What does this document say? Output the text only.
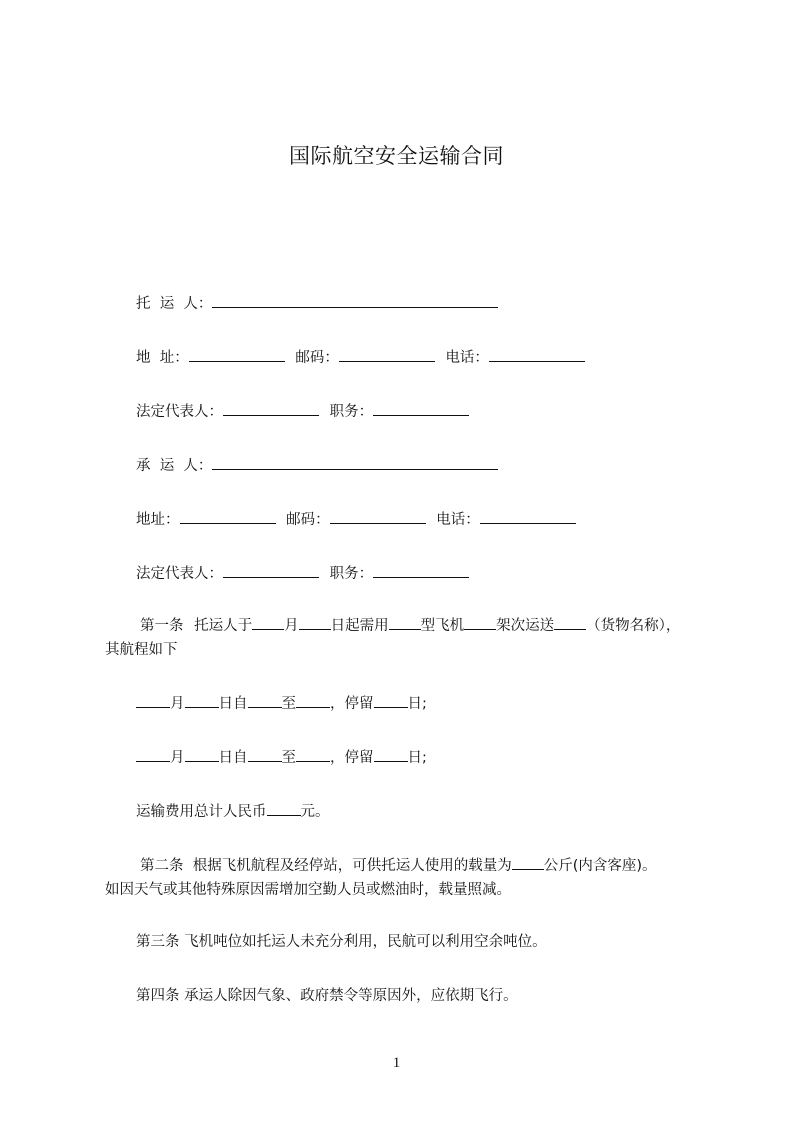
国际航空安全运输合同
托  运  人：
地  址：	邮码：	电话：
法定代表人：	职务：
承  运  人：
地址：	邮码：	电话：
法定代表人：	职务：
第一条 托运人于 月 日起需用 型飞机 架次运送 （货物名称），
其航程如下
月 日自 至 ，停留 日;
月 日自 至 ，停留 日;
运输费用总计人民币 元。
第二条  根据飞机航程及经停站，可供托运人使用的载量为 公斤(内含客座)。
如因天气或其他特殊原因需增加空勤人员或燃油时，载量照减。
第三条 飞机吨位如托运人未充分利用，民航可以利用空余吨位。
第四条 承运人除因气象、政府禁令等原因外，应依期飞行。
1
